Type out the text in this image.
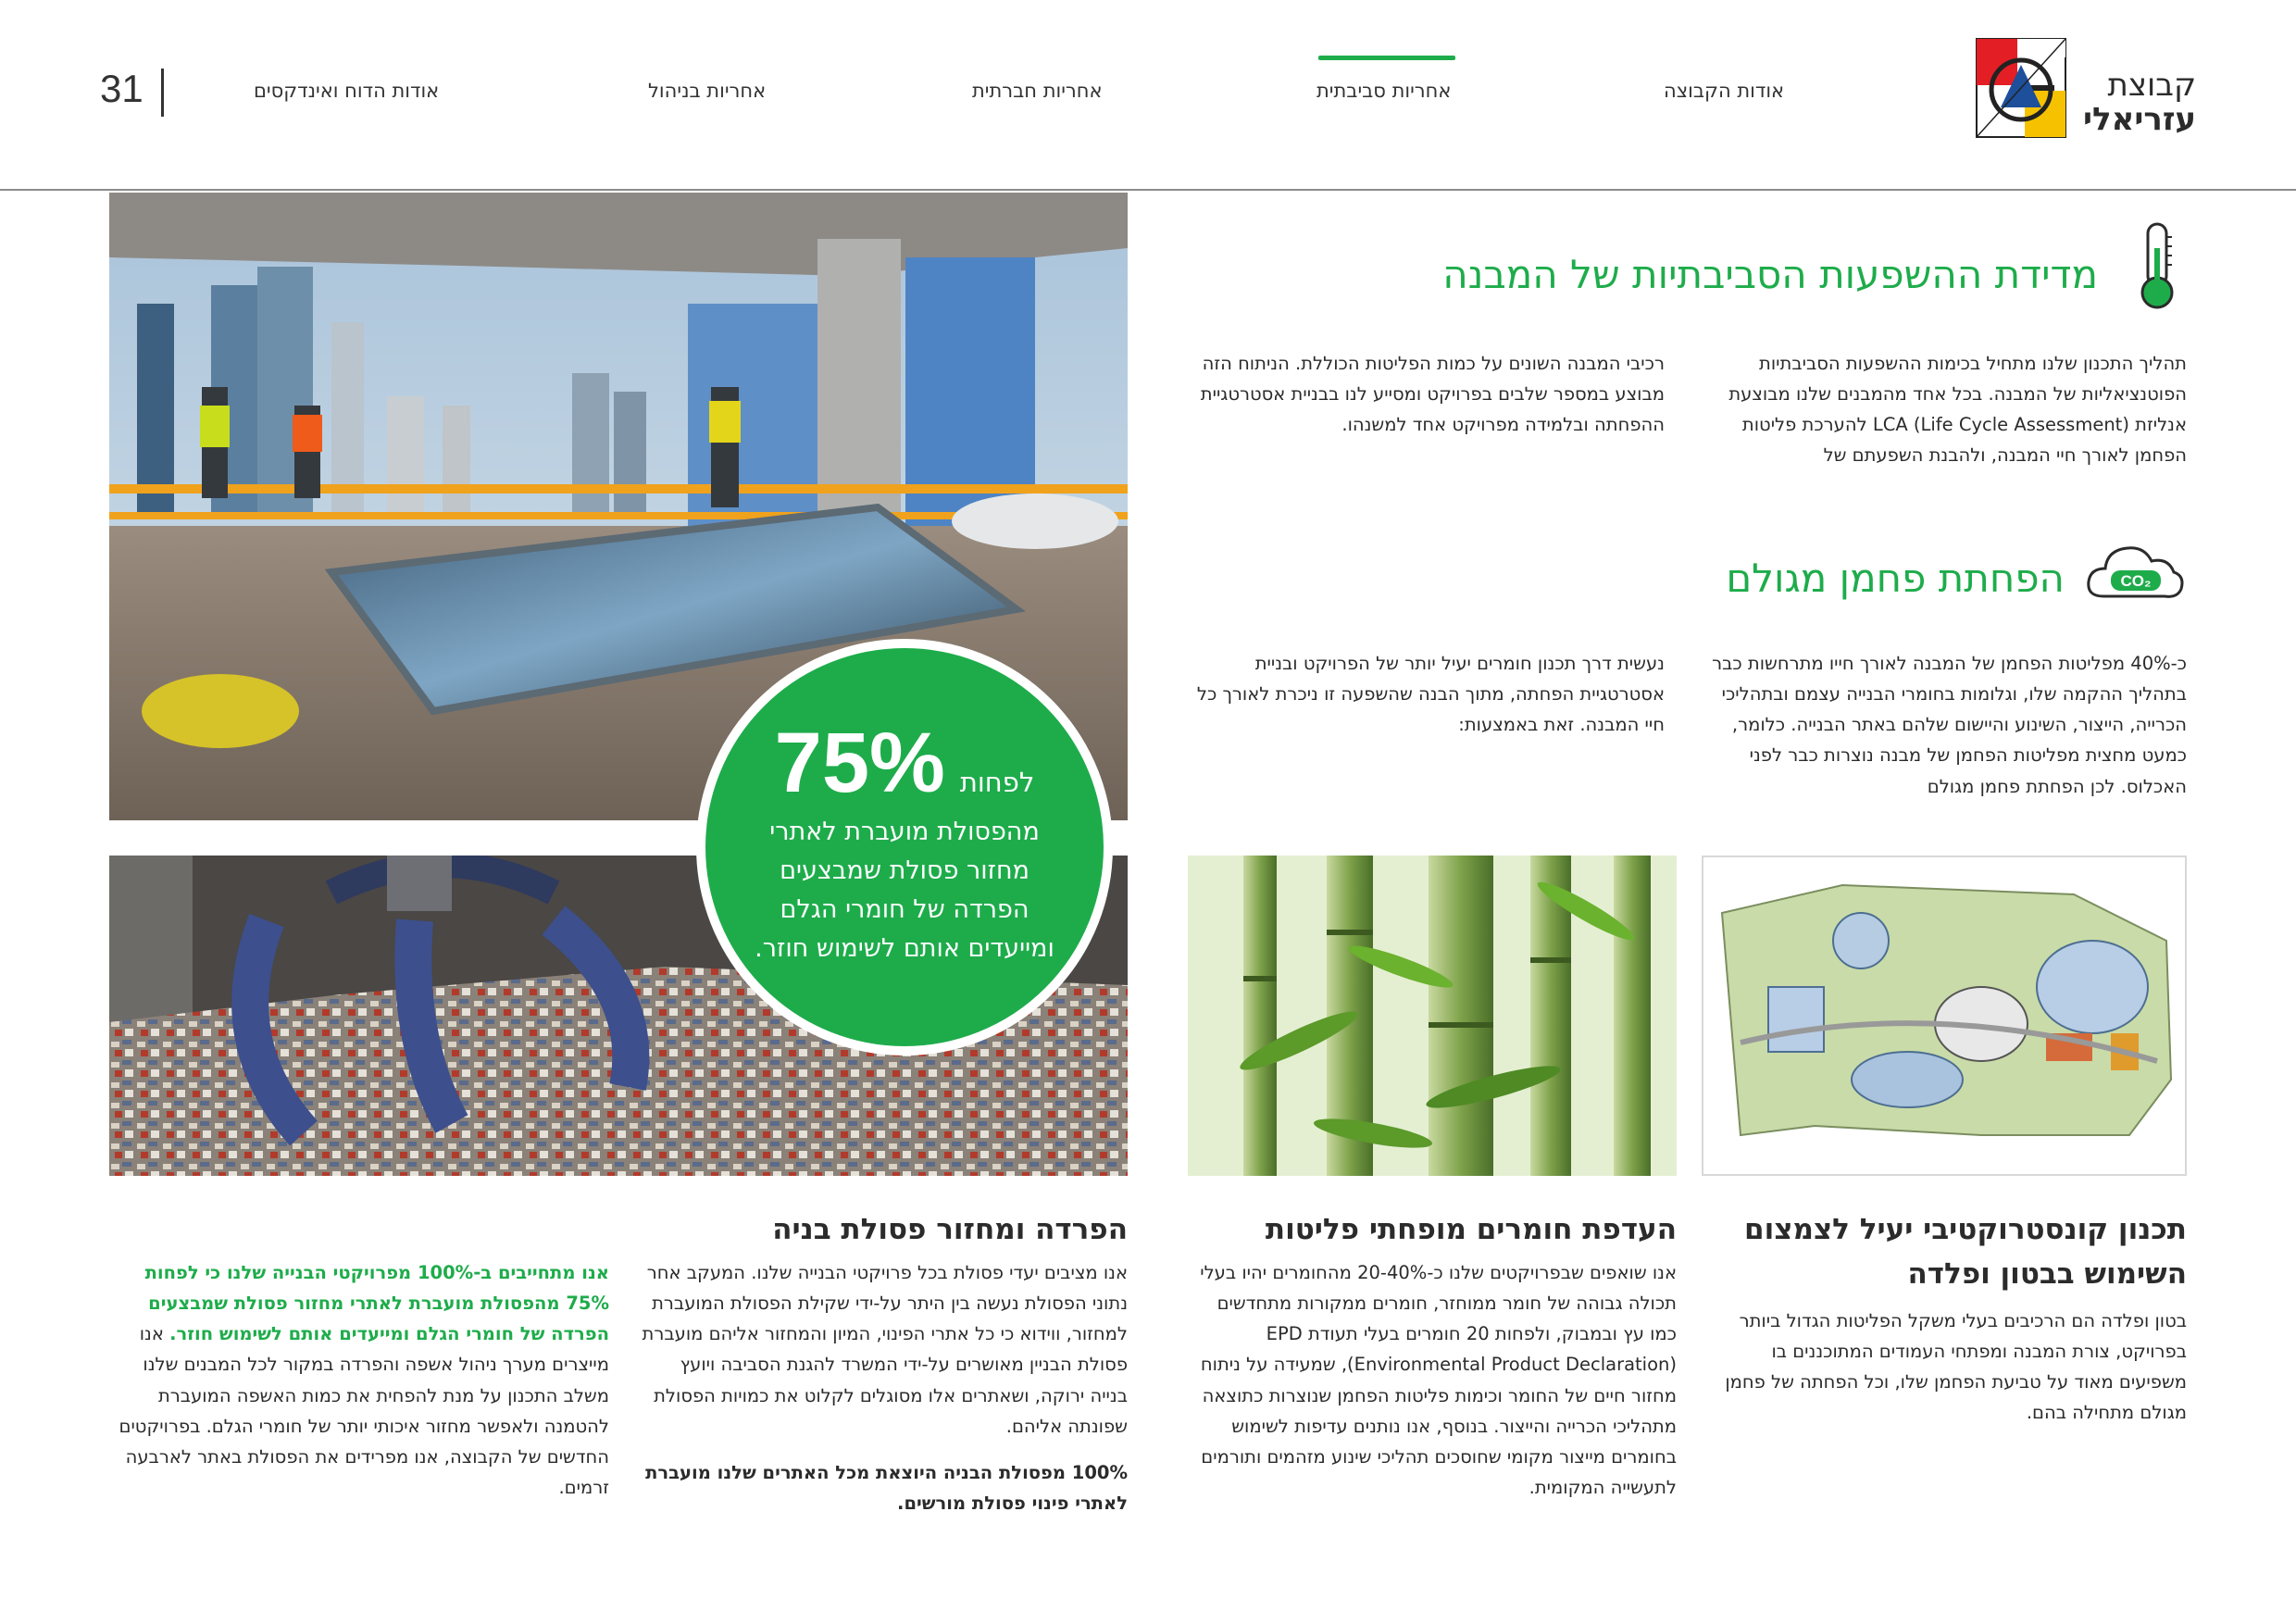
31	אודות הקבוצה
אחריות סביבתית
אחריות חברתית
אחריות בניהול
אודות הדוח ואינדקסים	קבוצת
עזריאלי
לפחות
75%
מהפסולת מועברת לאתרי מחזור פסולת שמבצעים הפרדה של חומרי הגלם ומייעדים אותם לשימוש חוזר.
מדידת ההשפעות הסביבתיות של המבנה
תהליך התכנון שלנו מתחיל בכימות ההשפעות הסביבתיות הפוטנציאליות של המבנה. בכל אחד מהמבנים שלנו מבוצעת אנליזת LCA (Life Cycle Assessment) להערכת פליטות הפחמן לאורך חיי המבנה, ולהבנת השפעתם של
רכיבי המבנה השונים על כמות הפליטות הכוללת. הניתוח הזה מבוצע במספר שלבים בפרויקט ומסייע לנו בבניית אסטרטגיית ההפחתה ובלמידה מפרויקט אחד למשנהו.
CO₂
הפחתת פחמן מגולם
כ-40% מפליטות הפחמן של המבנה לאורך חייו מתרחשות כבר בתהליך ההקמה שלו, וגלומות בחומרי הבנייה עצמם ובתהליכי הכרייה, הייצור, השינוע והיישום שלהם באתר הבנייה. כלומר, כמעט מחצית מפליטות הפחמן של מבנה נוצרות כבר לפני האכלוס. לכן הפחתת פחמן מגולם
נעשית דרך תכנון חומרים יעיל יותר של הפרויקט ובניית אסטרטגיית הפחתה, מתוך הבנה שהשפעה זו ניכרת לאורך כל חיי המבנה. זאת באמצעות:
תכנון קונסטרוקטיבי יעיל לצמצום השימוש בבטון ופלדה
בטון ופלדה הם הרכיבים בעלי משקל הפליטות הגדול ביותר בפרויקט, צורת המבנה ומפתחי העמודים המתוכננים בו משפיעים מאוד על טביעת הפחמן שלו, וכל הפחתה של פחמן מגולם מתחילה בהם.
העדפת חומרים מופחתי פליטות
אנו שואפים שבפרויקטים שלנו כ-20-40% מהחומרים יהיו בעלי תכולה גבוהה של חומר ממוחזר, חומרים ממקורות מתחדשים כמו עץ ובמבוק, ולפחות 20 חומרים בעלי תעודת EPD (Environmental Product Declaration), שמעידה על ניתוח מחזור חיים של החומר וכימות פליטות הפחמן שנוצרות כתוצאה מתהליכי הכרייה והייצור. בנוסף, אנו נותנים עדיפות לשימוש בחומרים מייצור מקומי שחוסכים תהליכי שינוע מזהמים ותורמים לתעשייה המקומית.
הפרדה ומחזור פסולת בניה
אנו מציבים יעדי פסולת בכל פרויקטי הבנייה שלנו. המעקב אחר נתוני הפסולת נעשה בין היתר על-ידי שקילת הפסולת המועברת למחזור, ווידוא כי כל אתרי הפינוי, המיון והמחזור אליהם מועברת פסולת הבניין מאושרים על-ידי המשרד להגנת הסביבה ויועץ בנייה ירוקה, ושאתרים אלו מסוגלים לקלוט את כמויות הפסולת שפונתה אליהם.
100% מפסולת הבניה היוצאת מכל האתרים שלנו מועברת לאתרי פינוי פסולת מורשים.
אנו מתחייבים ב-100% מפרויקטי הבנייה שלנו כי לפחות 75% מהפסולת מועברת לאתרי מחזור פסולת שמבצעים הפרדה של חומרי הגלם ומייעדים אותם לשימוש חוזר. אנו מייצרים מערך ניהול אשפה והפרדה במקור לכל המבנים שלנו משלב התכנון על מנת להפחית את כמות האשפה המועברת להטמנה ולאפשר מחזור איכותי יותר של חומרי הגלם. בפרויקטים החדשים של הקבוצה, אנו מפרידים את הפסולת באתר לארבעה זרמים.
